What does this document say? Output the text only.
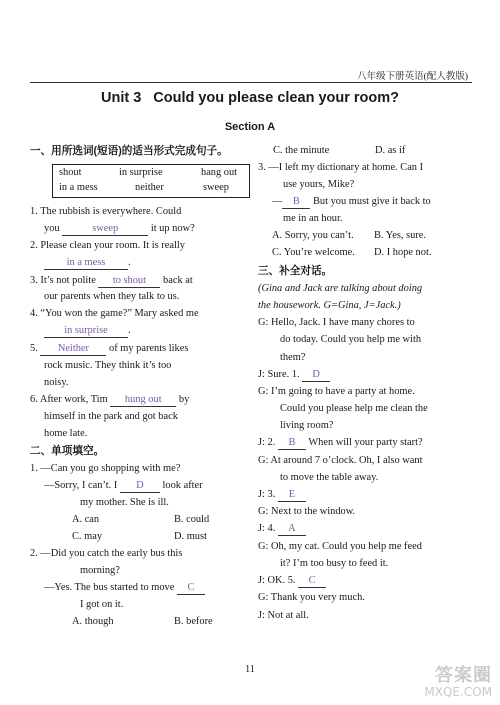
八年级下册英语(配人教版)
Unit 3 Could you please clean your room?
Section A
一、用所选词(短语)的适当形式完成句子。
shout	in surprise	hang out
in a mess	neither	sweep
1. The rubbish is everywhere. Could
you	sweep	it up now?
2. Please clean your room. It is really
in a mess .
3. It’s not polite to shout back at
our parents when they talk to us.
4. “You won the game?” Mary asked me
in surprise .
5. Neither of my parents likes
rock music. They think it’s too
noisy.
6. After work, Tim hung out by
himself in the park and got back
home late.
二、单项填空。
1. —Can you go shopping with me?
—Sorry, I can’t. I D look after
my mother. She is ill.
A. can	B. could
C. may	D. must
2. —Did you catch the early bus this
morning?
—Yes. The bus started to move C
I got on it.
A. though	B. before
C. the minute	D. as if
3. —I left my dictionary at home. Can I
use yours, Mike?
— B But you must give it back to
me in an hour.
A. Sorry, you can’t. B. Yes, sure.
C. You’re welcome. D. I hope not.
三、补全对话。
(Gina and Jack are talking about doing
the housework. G=Gina, J=Jack.)
G: Hello, Jack. I have many chores to
do today. Could you help me with
them?
J: Sure. 1. D
G: I’m going to have a party at home.
Could you please help me clean the
living room?
J: 2. B When will your party start?
G: At around 7 o’clock. Oh, I also want
to move the table away.
J: 3. E
G: Next to the window.
J: 4. A
G: Oh, my cat. Could you help me feed
it? I’m too busy to feed it.
J: OK. 5. C
G: Thank you very much.
J: Not at all.
11	答案圈
MXQE.COM
